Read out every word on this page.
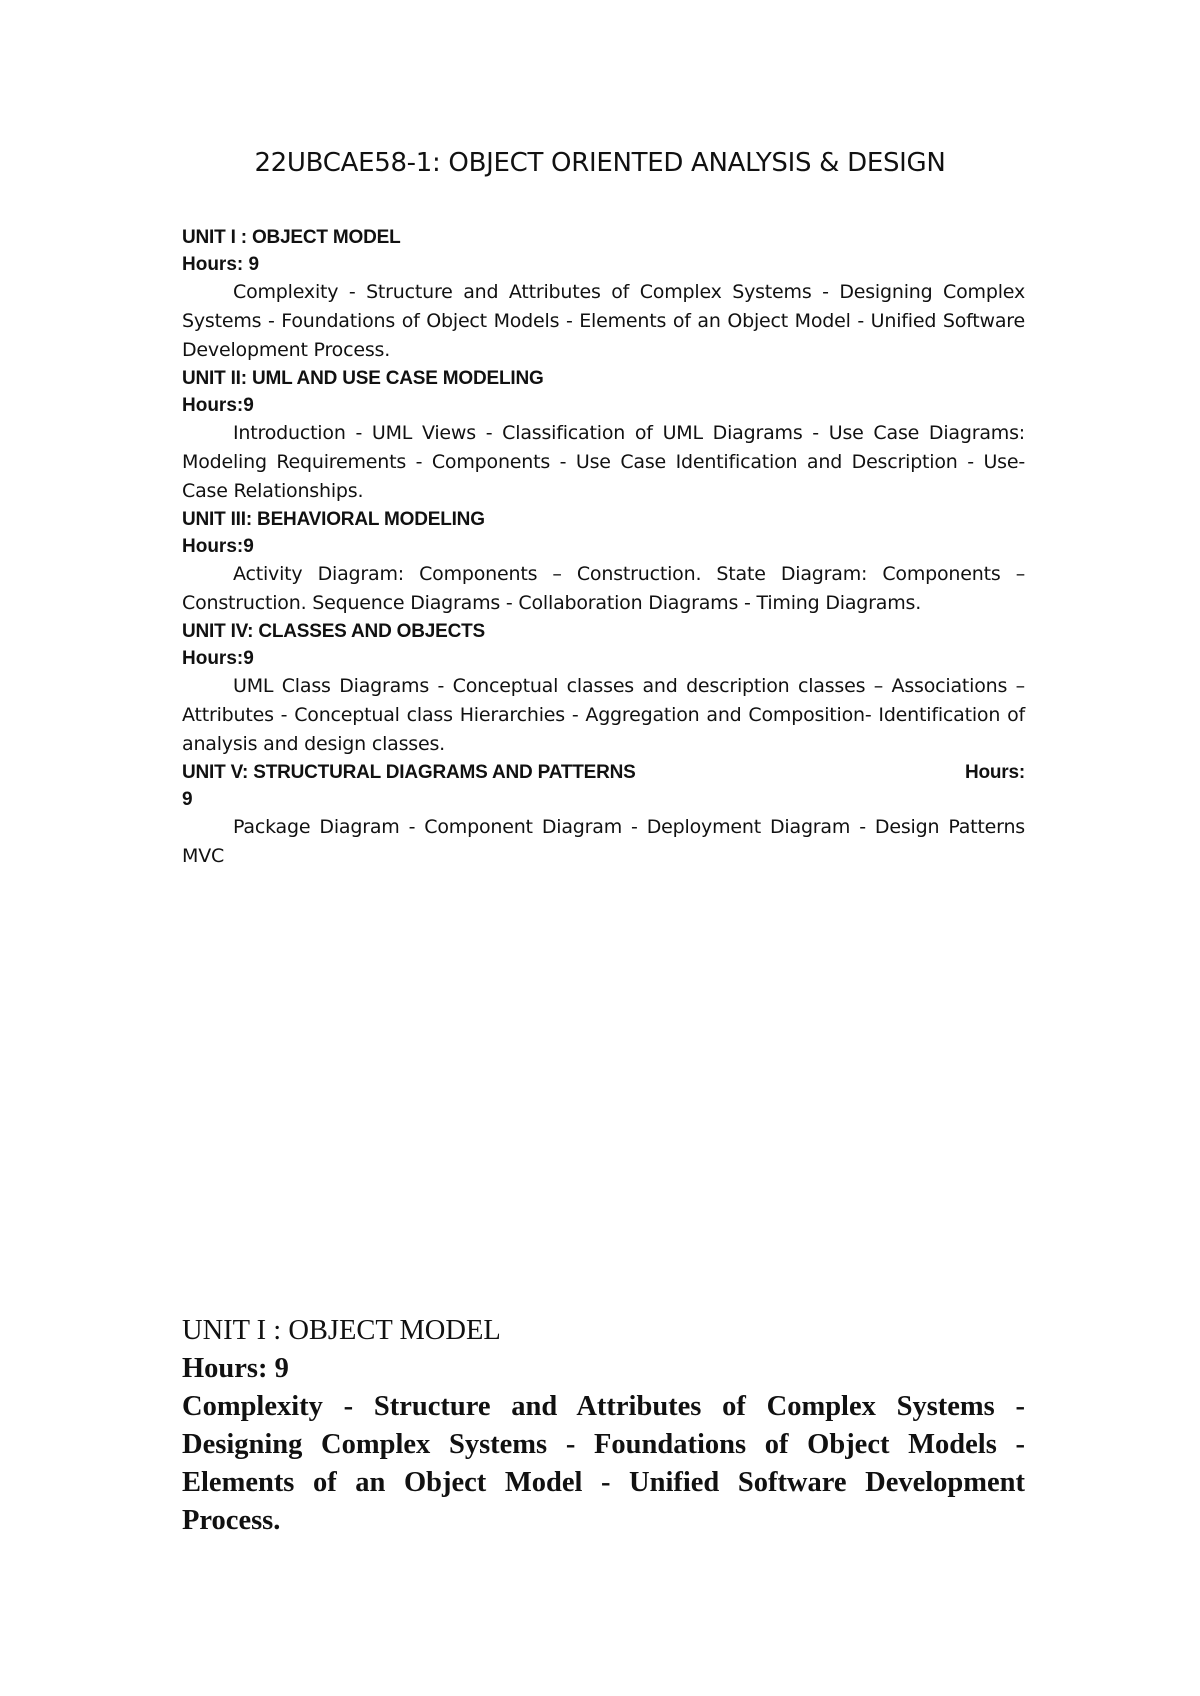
22UBCAE58-1: OBJECT ORIENTED ANALYSIS & DESIGN
UNIT I : OBJECT MODEL
Hours: 9

Complexity - Structure and Attributes of Complex Systems - Designing Complex Systems - Foundations of Object Models - Elements of an Object Model - Unified Software Development Process.

UNIT II: UML AND USE CASE MODELING
Hours:9

Introduction - UML Views - Classification of UML Diagrams - Use Case Diagrams: Modeling Requirements - Components - Use Case Identification and Description - Use-Case Relationships.

UNIT III: BEHAVIORAL MODELING
Hours:9

Activity Diagram: Components – Construction. State Diagram: Components – Construction. Sequence Diagrams - Collaboration Diagrams - Timing Diagrams.

UNIT IV: CLASSES AND OBJECTS
Hours:9

UML Class Diagrams - Conceptual classes and description classes – Associations – Attributes - Conceptual class Hierarchies - Aggregation and Composition- Identification of analysis and design classes.

UNIT V: STRUCTURAL DIAGRAMS AND PATTERNS	Hours:
9

Package Diagram - Component Diagram - Deployment Diagram - Design Patterns   MVC

UNIT I : OBJECT MODEL
Hours: 9

Complexity - Structure and Attributes of Complex Systems - Designing Complex Systems - Foundations of Object Models - Elements of an Object Model - Unified Software Development Process.
